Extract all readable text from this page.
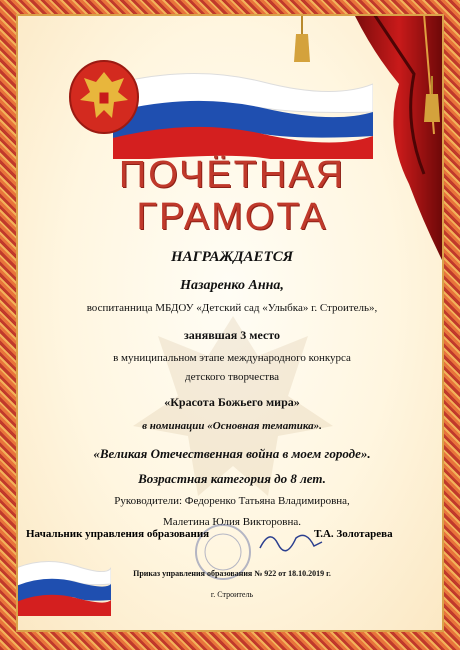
ПОЧЁТНАЯ
ГРАМОТА
НАГРАЖДАЕТСЯ
Назаренко Анна,
воспитанница МБДОУ «Детский сад «Улыбка» г. Строитель»,
занявшая 3 место
в муниципальном этапе международного конкурса
детского творчества
«Красота Божьего мира»
в номинации «Основная тематика».
«Великая Отечественная война в моем городе».
Возрастная категория до 8 лет.
Руководители: Федоренко Татьяна Владимировна,
Малетина Юлия Викторовна.
Начальник управления образования	Т.А. Золотарева
Приказ управления образования № 922 от 18.10.2019 г.
г. Строитель
